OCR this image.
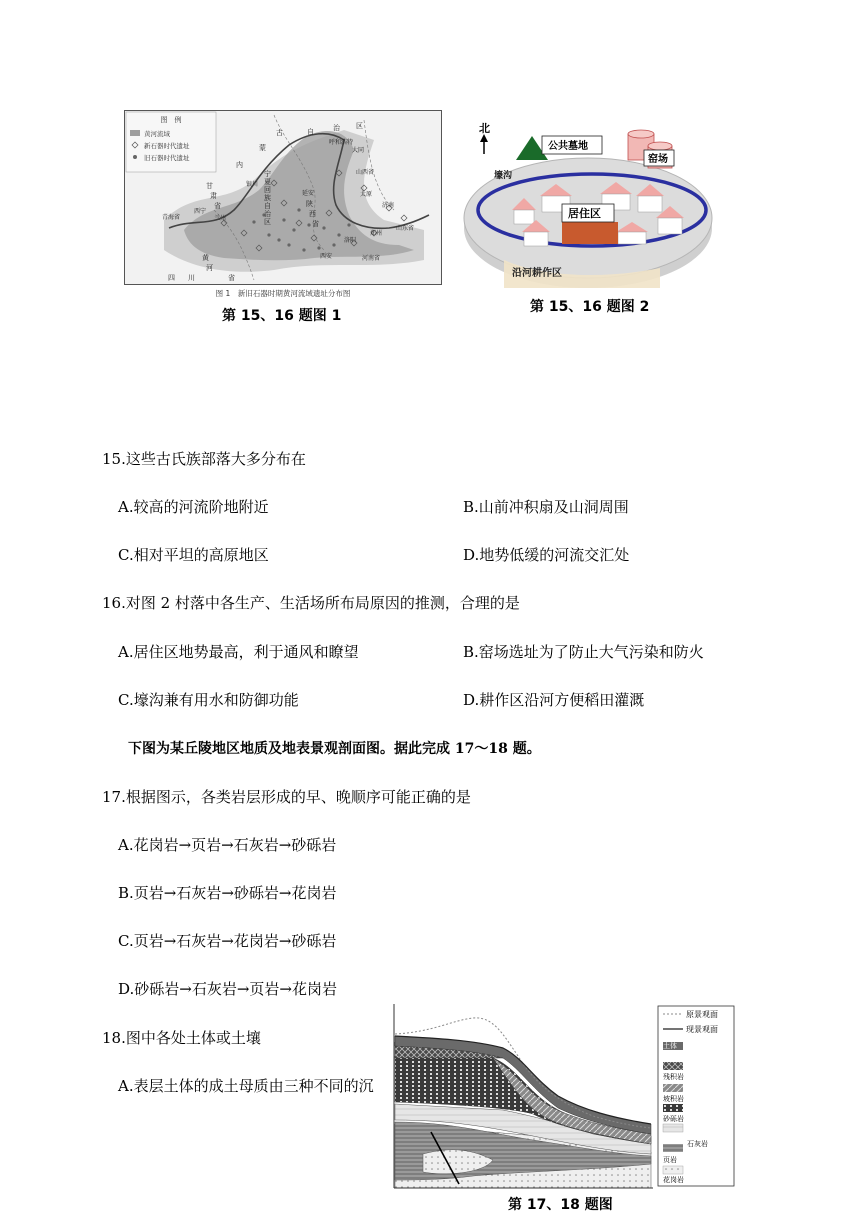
图　例
黄河流域
新石器时代遗址
旧石器时代遗址
古	自	治 区
蒙
内
呼和浩特
大同
太原
山西省
宁
夏
回
族
自
治
区
银川
甘
肃
省
兰州
西宁
青海省
陕
西
省
延安
西安
郑州
洛阳
济南
山东省
河南省
四 川	省
黄
河
图 1　新旧石器时期黄河流域遗址分布图
第 15、16 题图 1
北
公共墓地
窑场
壕沟
居住区
沿河耕作区
第 15、16 题图 2
15.这些古氏族部落大多分布在
A.较高的河流阶地附近	B.山前冲积扇及山洞周围
C.相对平坦的高原地区	D.地势低缓的河流交汇处
16.对图 2 村落中各生产、生活场所布局原因的推测，合理的是
A.居住区地势最高，利于通风和瞭望	B.窑场选址为了防止大气污染和防火
C.壕沟兼有用水和防御功能	D.耕作区沿河方便稻田灌溉
下图为某丘陵地区地质及地表景观剖面图。据此完成 17～18 题。
17.根据图示，各类岩层形成的早、晚顺序可能正确的是
A.花岗岩→页岩→石灰岩→砂砾岩
B.页岩→石灰岩→砂砾岩→花岗岩
C.页岩→石灰岩→花岗岩→砂砾岩
D.砂砾岩→石灰岩→页岩→花岗岩
18.图中各处土体或土壤
A.表层土体的成土母质由三种不同的沉
原景观面
现景观面
土体
残积岩
坡积岩
砂砾岩
石灰岩
页岩
花岗岩
第 17、18 题图
